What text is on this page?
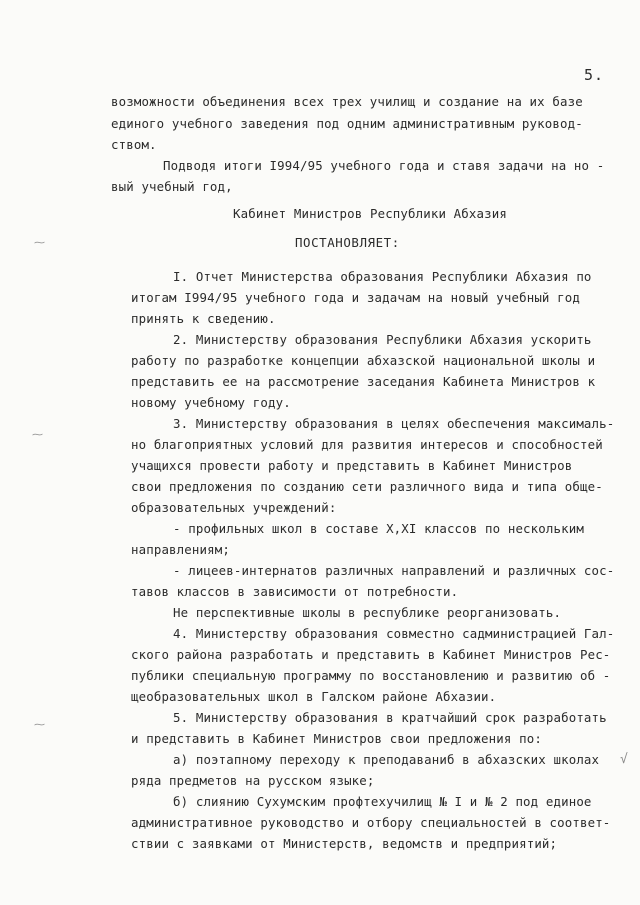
5.
возможности объединения всех трех училищ и создание на их базе
единого учебного заведения под одним административным руковод-
ством.
Подводя итоги I994/95 учебного года и ставя задачи на но -
вый учебный год,
Кабинет Министров Республики Абхазия
ПОСТАНОВЛЯЕТ:
I. Отчет Министерства образования Республики Абхазия по
итогам I994/95 учебного года и задачам на новый учебный год
принять к сведению.
2. Министерству образования Республики Абхазия ускорить
работу по разработке концепции абхазской национальной школы и
представить ее на рассмотрение заседания Кабинета Министров к
новому учебному году.
3. Министерству образования в целях обеспечения максималь-
но благоприятных условий для развития интересов и способностей
учащихся провести работу и представить в Кабинет Министров
свои предложения по созданию сети различного вида и типа обще-
образовательных учреждений:
- профильных школ в составе X,XI классов по нескольким
направлениям;
- лицеев-интернатов различных направлений и различных сос-
тавов классов в зависимости от потребности.
Не перспективные школы в республике реорганизовать.
4. Министерству образования совместно садминистрацией Гал-
ского района разработать и представить в Кабинет Министров Рес-
публики специальную программу по восстановлению и развитию об -
щеобразовательных школ в Галском районе Абхазии.
5. Министерству образования в кратчайший срок разработать
и представить в Кабинет Министров свои предложения по:
а) поэтапному переходу к преподаваниб в абхазских школах
ряда предметов на русском языке;
б) слиянию Сухумским профтехучилищ № I и № 2 под единое
административное руководство и отбору специальностей в соответ-
ствии с заявками от Министерств, ведомств и предприятий;
⁓
⁓
⁓
√
